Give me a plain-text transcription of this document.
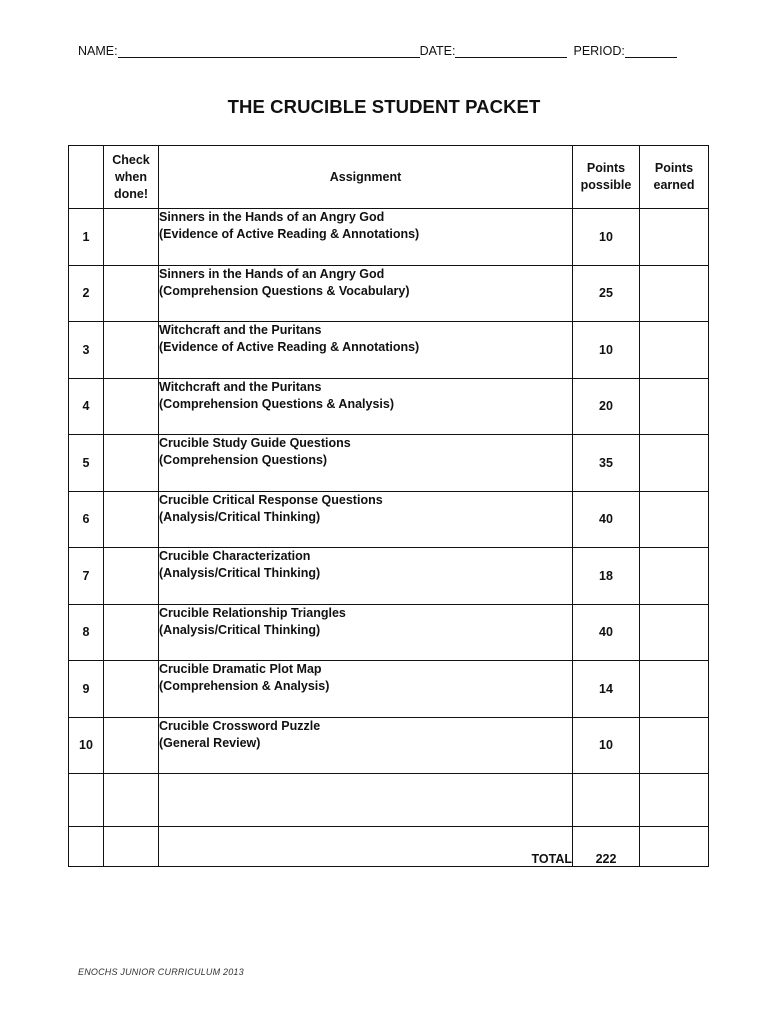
NAME:	DATE:	PERIOD:
THE CRUCIBLE STUDENT PACKET
	Check when done!	Assignment	Points possible	Points earned
1		Sinners in the Hands of an Angry God
(Evidence of Active Reading & Annotations)	10	
2		Sinners in the Hands of an Angry God
(Comprehension Questions & Vocabulary)	25	
3		Witchcraft and the Puritans
(Evidence of Active Reading & Annotations)	10	
4		Witchcraft and the Puritans
(Comprehension Questions & Analysis)	20	
5		Crucible Study Guide Questions
(Comprehension Questions)	35	
6		Crucible Critical Response Questions
(Analysis/Critical Thinking)	40	
7		Crucible Characterization
(Analysis/Critical Thinking)	18	
8		Crucible Relationship Triangles
(Analysis/Critical Thinking)	40	
9		Crucible Dramatic Plot Map
(Comprehension & Analysis)	14	
10		Crucible Crossword Puzzle
(General Review)	10	

		TOTAL	222	
ENOCHS JUNIOR CURRICULUM 2013
